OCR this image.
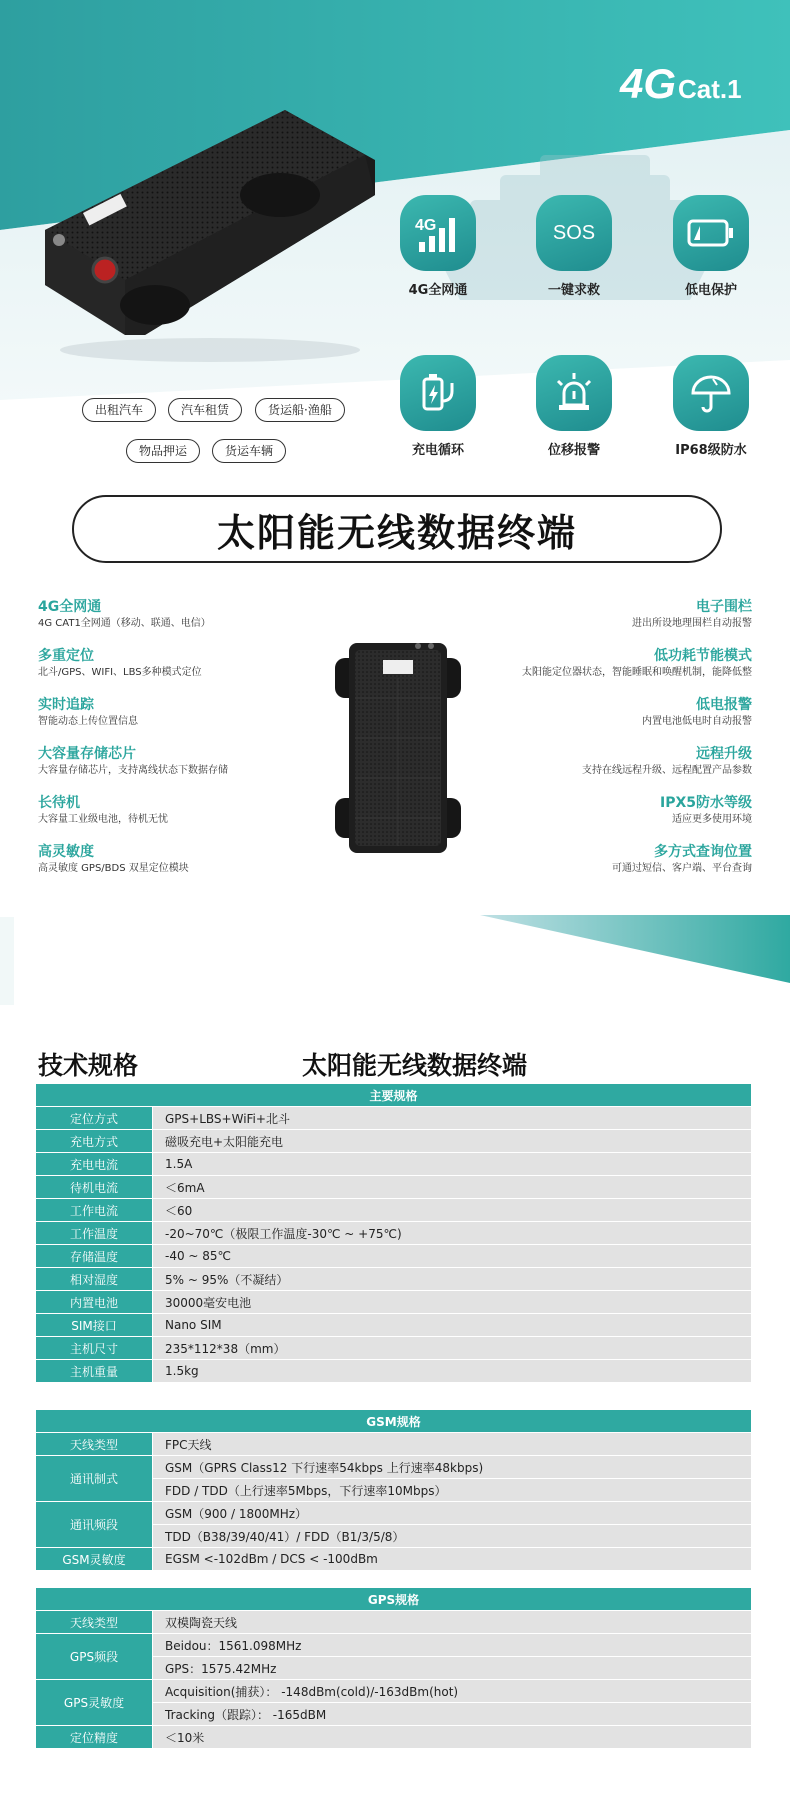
4GCat.1
出租汽车	汽车租赁	货运船·渔船
物品押运	货运车辆
4G
4G全网通
SOS
一键求救	低电保护
充电循环	位移报警	IP68级防水
太阳能无线数据终端
4G全网通
4G CAT1全网通（移动、联通、电信）
多重定位
北斗/GPS、WIFI、LBS多种模式定位
实时追踪
智能动态上传位置信息
大容量存储芯片
大容量存储芯片，支持离线状态下数据存储
长待机
大容量工业级电池，待机无忧
高灵敏度
高灵敏度 GPS/BDS 双星定位模块
电子围栏
进出所设地理围栏自动报警
低功耗节能模式
太阳能定位器状态，智能睡眠和唤醒机制，能降低整
低电报警
内置电池低电时自动报警
远程升级
支持在线远程升级、远程配置产品参数
IPX5防水等级
适应更多使用环境
多方式查询位置
可通过短信、客户端、平台查询
技术规格	太阳能无线数据终端
主要规格	
定位方式	GPS+LBS+WiFi+北斗
充电方式	磁吸充电+太阳能充电
充电电流	1.5A
待机电流	＜6mA
工作电流	＜60
工作温度	-20~70℃（极限工作温度-30℃ ~ +75℃)
存储温度	-40 ~ 85℃
相对湿度	5% ~ 95%（不凝结）
内置电池	30000毫安电池
SIM接口	Nano SIM
主机尺寸	235*112*38（mm）
主机重量	1.5kg
GSM规格	
天线类型	FPC天线
通讯制式	GSM（GPRS Class12 下行速率54kbps 上行速率48kbps)
	FDD / TDD（上行速率5Mbps，下行速率10Mbps）
通讯频段	GSM（900 / 1800MHz）
	TDD（B38/39/40/41）/ FDD（B1/3/5/8）
GSM灵敏度	EGSM <-102dBm / DCS < -100dBm
GPS规格	
天线类型	双模陶瓷天线
GPS频段	Beidou：1561.098MHz
	GPS：1575.42MHz
GPS灵敏度	Acquisition(捕获）： -148dBm(cold)/-163dBm(hot)
	Tracking（跟踪）： -165dBM
定位精度	＜10米
